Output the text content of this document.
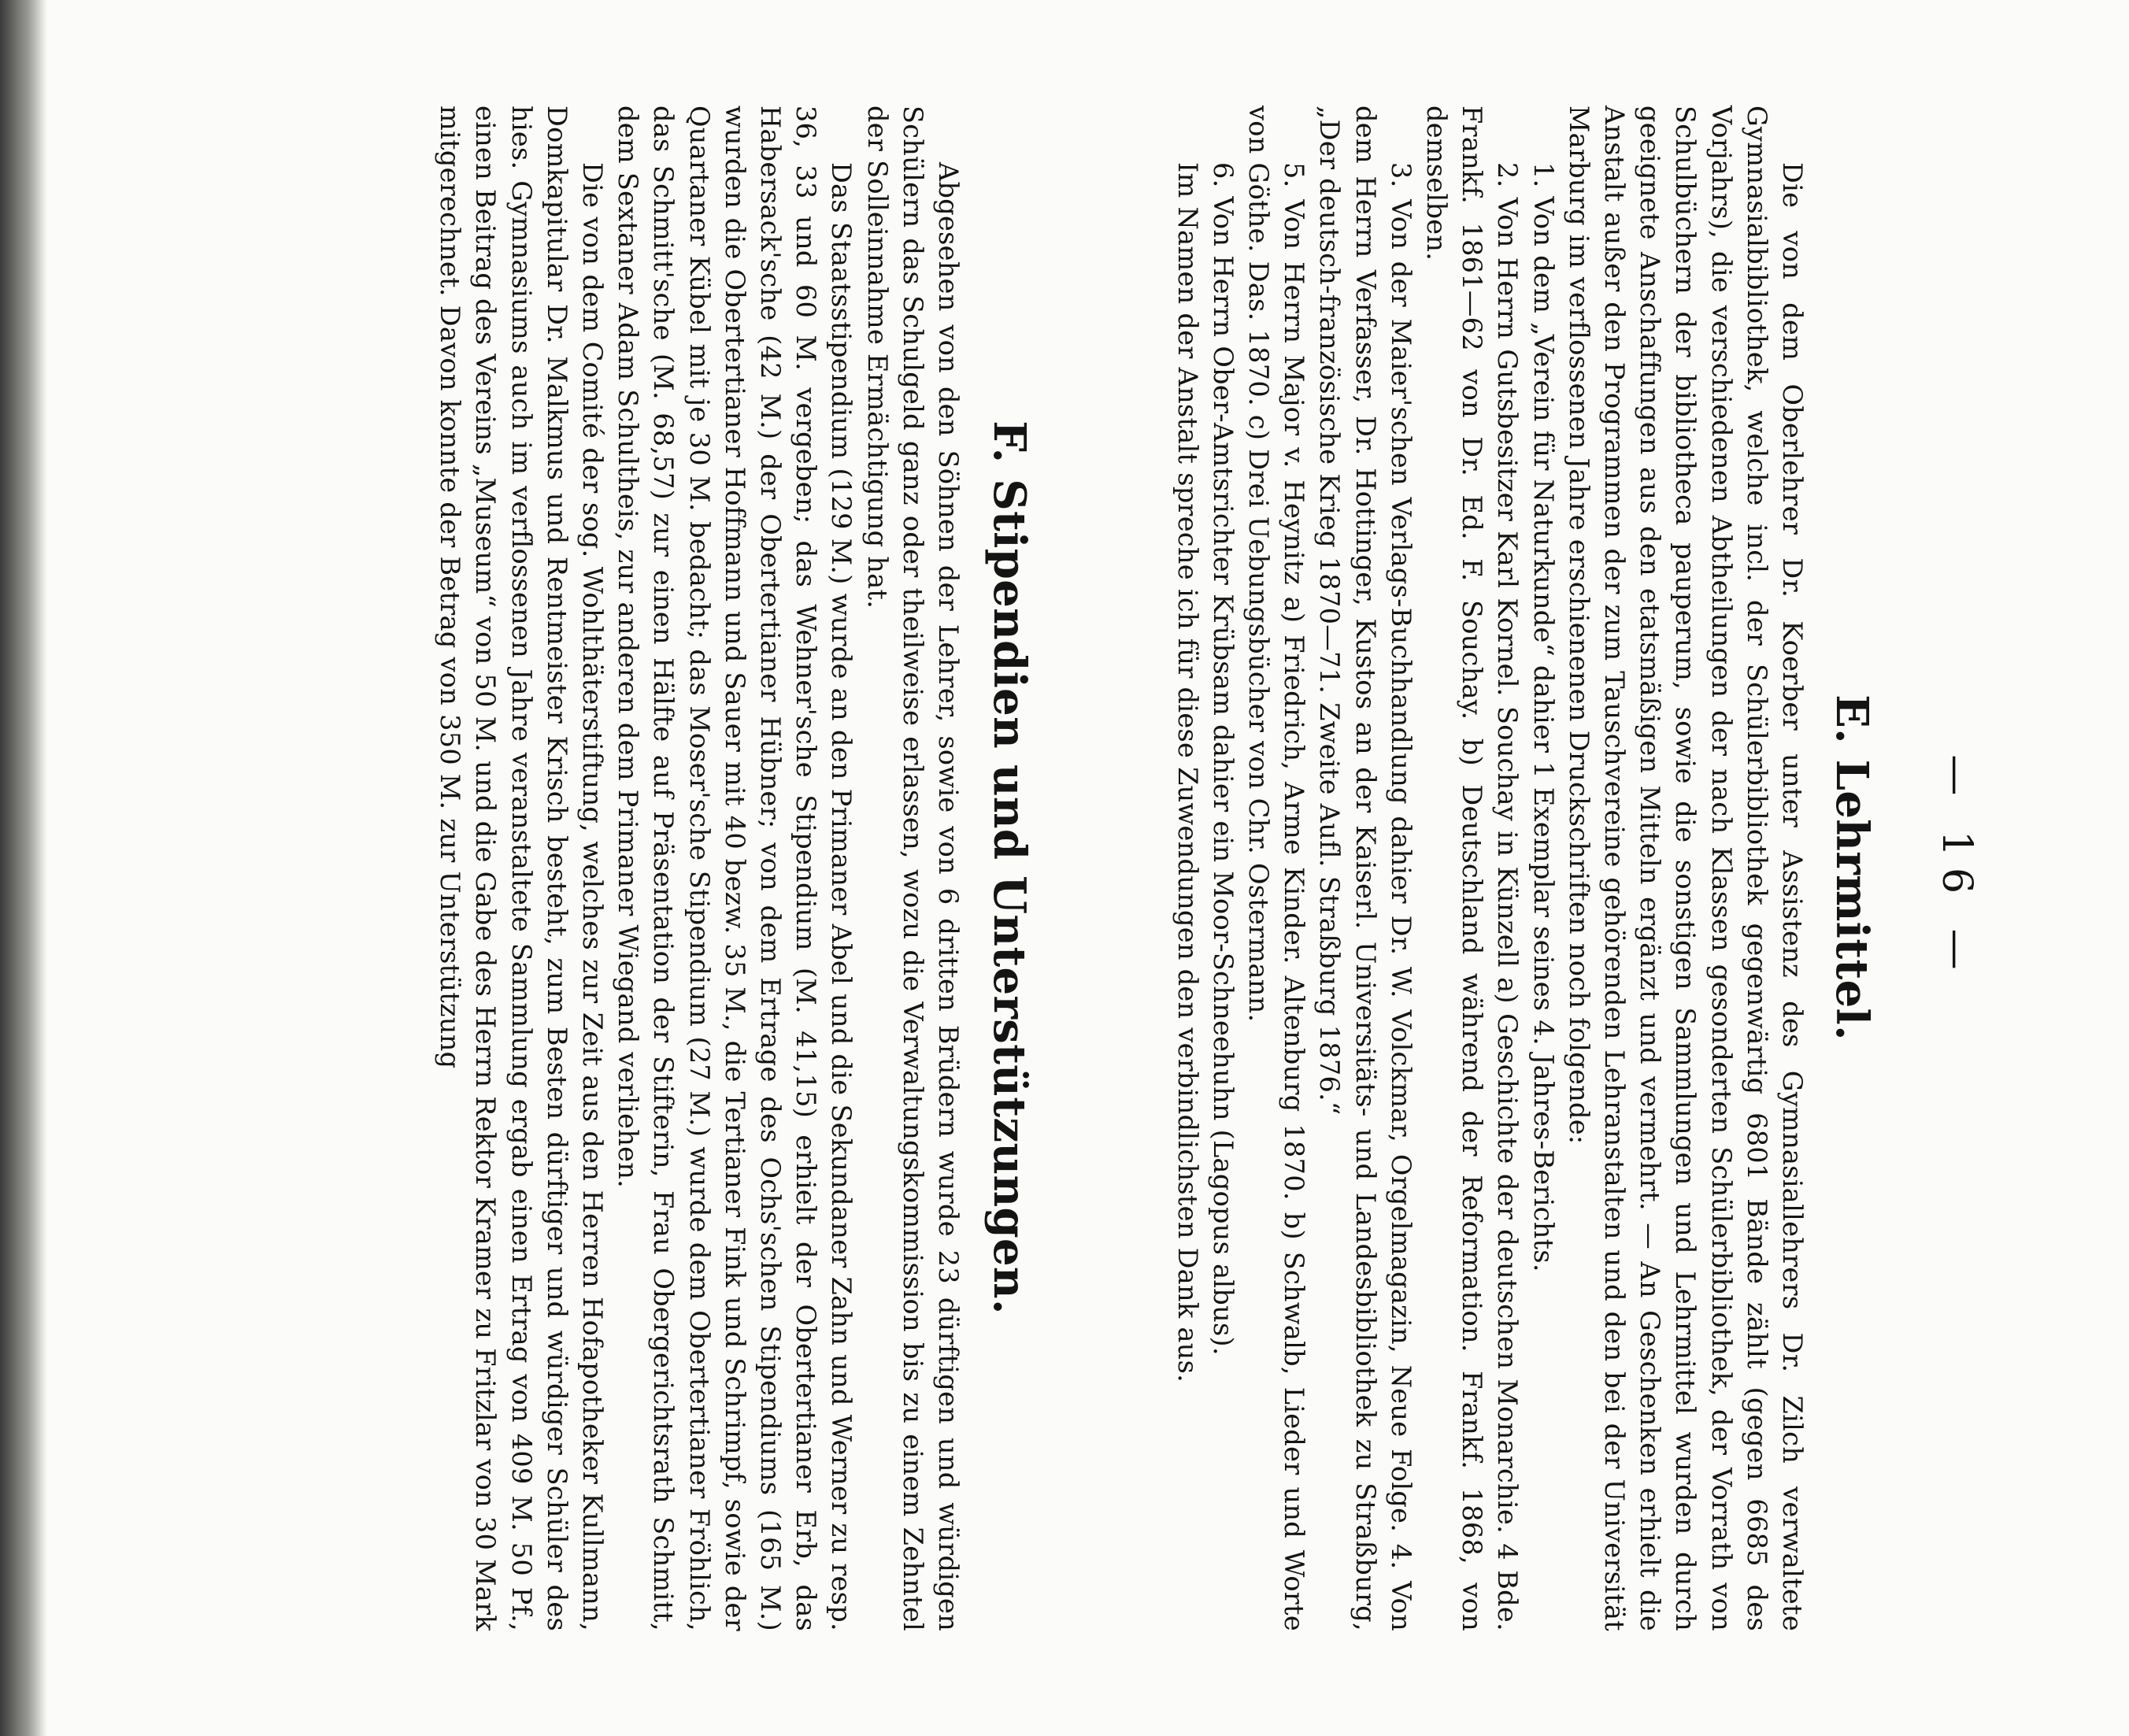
— 16 —
E. Lehrmittel.

Die von dem Oberlehrer Dr. Koerber unter Assistenz des Gymnasiallehrers Dr. Zilch verwaltete Gymnasialbibliothek, welche incl. der Schülerbibliothek gegenwärtig 6801 Bände zählt (gegen 6685 des Vorjahrs), die verschiedenen Abtheilungen der nach Klassen gesonderten Schülerbibliothek, der Vorrath von Schulbüchern der bibliotheca pauperum, sowie die sonstigen Sammlungen und Lehrmittel wurden durch geeignete Anschaffungen aus den etatsmäßigen Mitteln ergänzt und vermehrt. — An Geschenken erhielt die Anstalt außer den Programmen der zum Tauschvereine gehörenden Lehranstalten und den bei der Universität Marburg im verflossenen Jahre erschienenen Druckschriften noch folgende:

1. Von dem „Verein für Naturkunde“ dahier 1 Exemplar seines 4. Jahres-Berichts.

2. Von Herrn Gutsbesitzer Karl Kornel. Souchay in Künzell a) Geschichte der deutschen Monarchie. 4 Bde. Frankf. 1861—62 von Dr. Ed. F. Souchay. b) Deutschland während der Reformation. Frankf. 1868, von demselben.

3. Von der Maier'schen Verlags-Buchhandlung dahier Dr. W. Volckmar, Orgelmagazin, Neue Folge. 4. Von dem Herrn Verfasser, Dr. Hottinger, Kustos an der Kaiserl. Universitäts- und Landesbibliothek zu Straßburg, „Der deutsch-französische Krieg 1870—71. Zweite Aufl. Straßburg 1876.“

5. Von Herrn Major v. Heynitz a) Friedrich, Arme Kinder. Altenburg 1870. b) Schwalb, Lieder und Worte von Göthe. Das. 1870. c) Drei Uebungsbücher von Chr. Ostermann.

6. Von Herrn Ober-Amtsrichter Krübsam dahier ein Moor-Schneehuhn (Lagopus albus).

Im Namen der Anstalt spreche ich für diese Zuwendungen den verbindlichsten Dank aus.

F. Stipendien und Unterstützungen.

Abgesehen von den Söhnen der Lehrer, sowie von 6 dritten Brüdern wurde 23 dürftigen und würdigen Schülern das Schulgeld ganz oder theilweise erlassen, wozu die Verwaltungskommission bis zu einem Zehntel der Solleinnahme Ermächtigung hat.

Das Staatsstipendium (129 M.) wurde an den Primaner Abel und die Sekundaner Zahn und Werner zu resp. 36, 33 und 60 M. vergeben; das Wehner'sche Stipendium (M. 41,15) erhielt der Obertertianer Erb, das Habersack'sche (42 M.) der Obertertianer Hübner; von dem Ertrage des Ochs'schen Stipendiums (165 M.) wurden die Obertertianer Hoffmann und Sauer mit 40 bezw. 35 M., die Tertianer Fink und Schrimpf, sowie der Quartaner Kübel mit je 30 M. bedacht; das Moser'sche Stipendium (27 M.) wurde dem Obertertianer Fröhlich, das Schmitt'sche (M. 68,57) zur einen Hälfte auf Präsentation der Stifterin, Frau Obergerichtsrath Schmitt, dem Sextaner Adam Schultheis, zur anderen dem Primaner Wiegand verliehen.

Die von dem Comité der sog. Wohlthäterstiftung, welches zur Zeit aus den Herren Hofapotheker Kullmann, Domkapitular Dr. Malkmus und Rentmeister Krisch besteht, zum Besten dürftiger und würdiger Schüler des hies. Gymnasiums auch im verflossenen Jahre veranstaltete Sammlung ergab einen Ertrag von 409 M. 50 Pf., einen Beitrag des Vereins „Museum“ von 50 M. und die Gabe des Herrn Rektor Kramer zu Fritzlar von 30 Mark mitgerechnet. Davon konnte der Betrag von 350 M. zur Unterstützung
